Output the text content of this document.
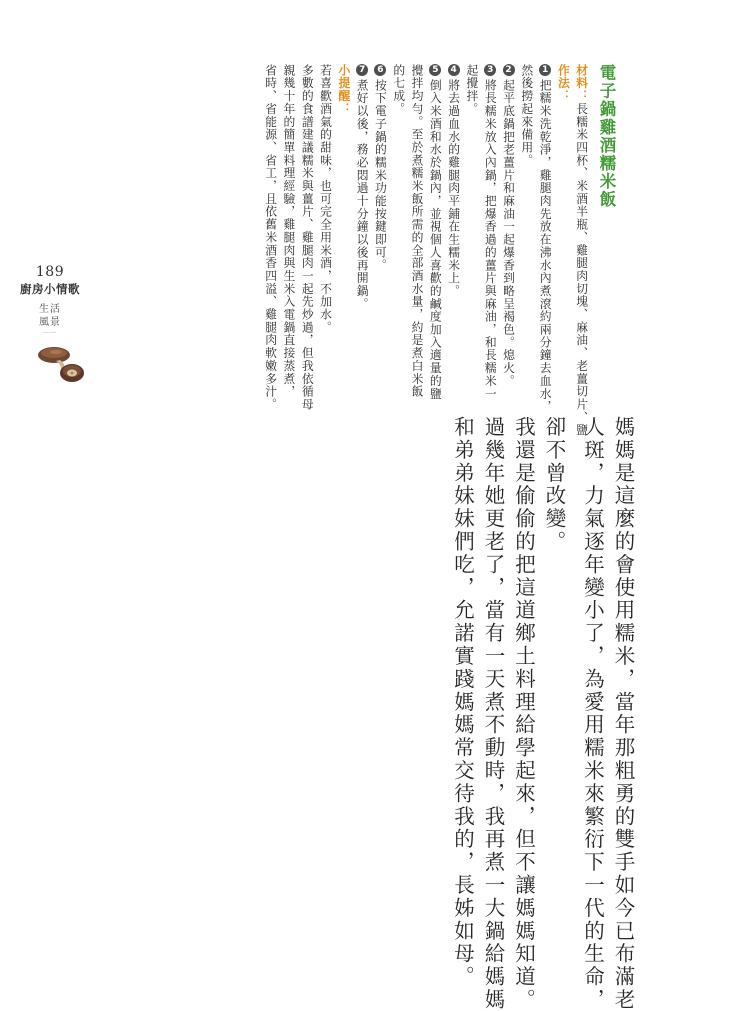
189
廚房小情歌
生活
風景
……
電子鍋雞酒糯米飯
材料：長糯米四杯、米酒半瓶、雞腿肉切塊、麻油、老薑切片、鹽
作法：
1把糯米洗乾淨，雞腿肉先放在沸水內煮滾約兩分鐘去血水，
然後撈起來備用。
2起平底鍋把老薑片和麻油一起爆香到略呈褐色。熄火。
3將長糯米放入內鍋，把爆香過的薑片與麻油，和長糯米一
起攪拌。
4將去過血水的雞腿肉平鋪在生糯米上。
5倒入米酒和水於鍋內，並視個人喜歡的鹹度加入適量的鹽
攪拌均勻。至於煮糯米飯所需的全部酒水量，約是煮白米飯
的七成。
6按下電子鍋的糯米功能按鍵即可。
7煮好以後，務必悶過十分鐘以後再開鍋。
小提醒：
若喜歡酒氣的甜味，也可完全用米酒，不加水。
多數的食譜建議糯米與薑片、雞腿肉一起先炒過，但我依循母
親幾十年的簡單料理經驗，雞腿肉與生米入電鍋直接蒸煮，
省時、省能源、省工，且依舊米酒香四溢、雞腿肉軟嫩多汁。
媽媽是這麼的會使用糯米，當年那粗勇的雙手如今已布滿老
人斑，力氣逐年變小了，為愛用糯米來繁衍下一代的生命，
卻不曾改變。
我還是偷偷的把這道鄉土料理給學起來，但不讓媽媽知道。
過幾年她更老了，當有一天煮不動時，我再煮一大鍋給媽媽
和弟弟妹妹們吃，允諾實踐媽媽常交待我的，長姊如母。
